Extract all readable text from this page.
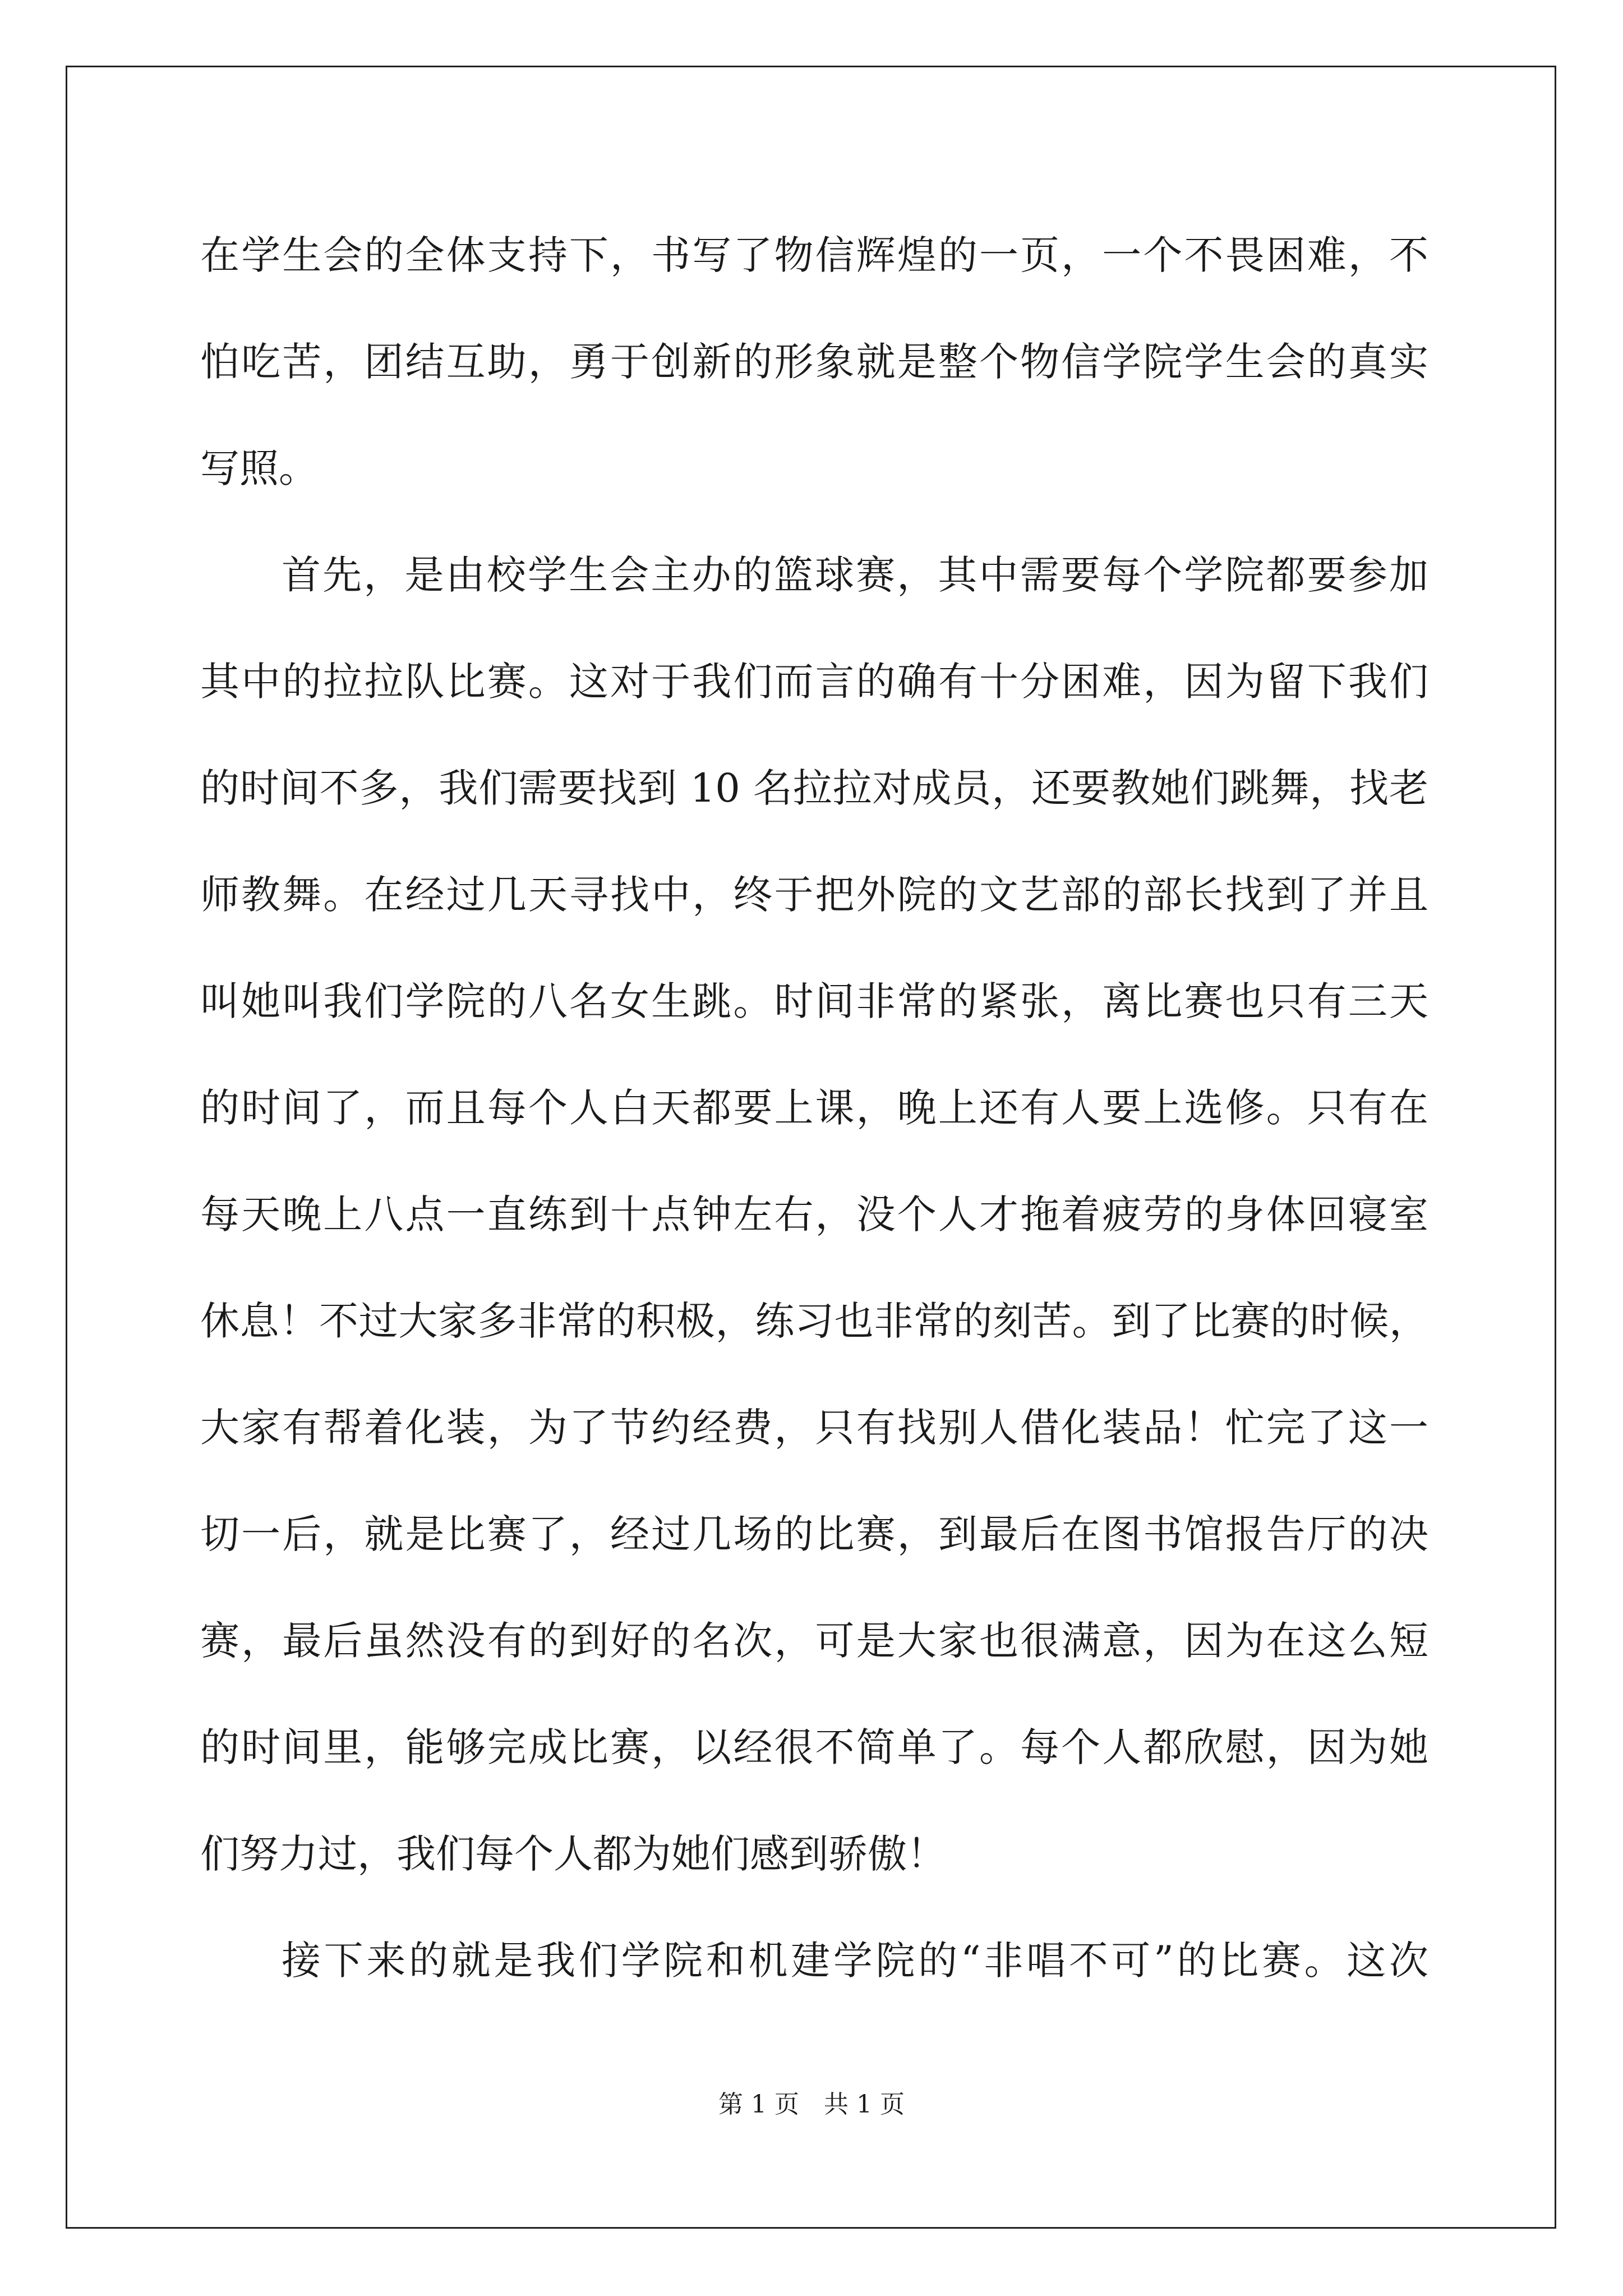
在学生会的全体支持下，书写了物信辉煌的一页，一个不畏困难，不
怕吃苦，团结互助，勇于创新的形象就是整个物信学院学生会的真实
写照。
首先，是由校学生会主办的篮球赛，其中需要每个学院都要参加
其中的拉拉队比赛。这对于我们而言的确有十分困难，因为留下我们
的时间不多，我们需要找到 10 名拉拉对成员，还要教她们跳舞，找老
师教舞。在经过几天寻找中，终于把外院的文艺部的部长找到了并且
叫她叫我们学院的八名女生跳。时间非常的紧张，离比赛也只有三天
的时间了，而且每个人白天都要上课，晚上还有人要上选修。只有在
每天晚上八点一直练到十点钟左右，没个人才拖着疲劳的身体回寝室
休息！不过大家多非常的积极，练习也非常的刻苦。到了比赛的时候，
大家有帮着化装，为了节约经费，只有找别人借化装品！忙完了这一
切一后，就是比赛了，经过几场的比赛，到最后在图书馆报告厅的决
赛，最后虽然没有的到好的名次，可是大家也很满意，因为在这么短
的时间里，能够完成比赛，以经很不简单了。每个人都欣慰，因为她
们努力过，我们每个人都为她们感到骄傲！
接下来的就是我们学院和机建学院的“非唱不可”的比赛。这次
第 1 页　共 1 页
